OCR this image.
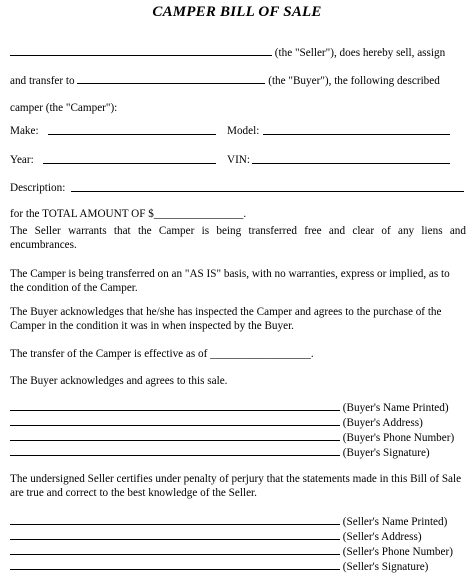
CAMPER BILL OF SALE
(the "Seller"), does hereby sell, assign
and transfer to	(the "Buyer"), the following described
camper (the "Camper"):
Make:	Model:
Year:	VIN:
Description:
for the TOTAL AMOUNT OF $________________.
The Seller warrants that the Camper is being transferred free and clear of any liens and encumbrances.
The Camper is being transferred on an "AS IS" basis, with no warranties, express or implied, as to the condition of the Camper.
The Buyer acknowledges that he/she has inspected the Camper and agrees to the purchase of the Camper in the condition it was in when inspected by the Buyer.
The transfer of the Camper is effective as of __________________.
The Buyer acknowledges and agrees to this sale.
(Buyer's Name Printed)
(Buyer's Address)
(Buyer's Phone Number)
(Buyer's Signature)
The undersigned Seller certifies under penalty of perjury that the statements made in this Bill of Sale are true and correct to the best knowledge of the Seller.
(Seller's Name Printed)
(Seller's Address)
(Seller's Phone Number)
(Seller's Signature)
